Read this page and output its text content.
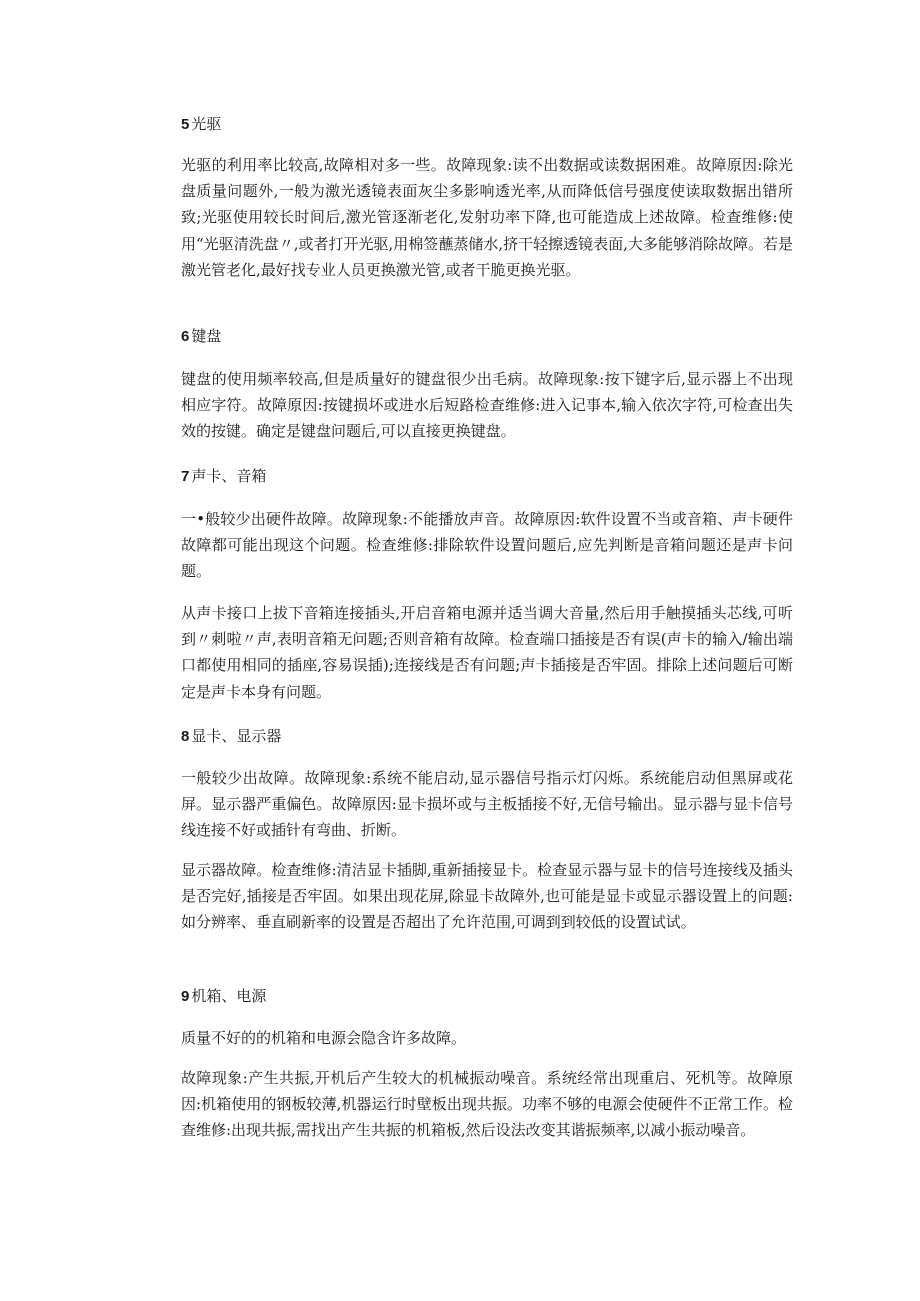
5 光驱
光驱的利用率比较高,故障相对多一些。故障现象:读不出数据或读数据困难。故障原因:除光盘质量问题外,一般为激光透镜表面灰尘多影响透光率,从而降低信号强度使读取数据出错所致;光驱使用较长时间后,激光管逐渐老化,发射功率下降,也可能造成上述故障。检查维修:使用“光驱清洗盘〃,或者打开光驱,用棉签蘸蒸储水,挤干轻擦透镜表面,大多能够消除故障。若是激光管老化,最好找专业人员更换激光管,或者干脆更换光驱。
6 键盘
键盘的使用频率较高,但是质量好的键盘很少出毛病。故障现象:按下键字后,显示器上不出现相应字符。故障原因:按键损坏或进水后短路检查维修:进入记事本,输入依次字符,可检查出失效的按键。确定是键盘问题后,可以直接更换键盘。
7 声卡、音箱
一•般较少出硬件故障。故障现象:不能播放声音。故障原因:软件设置不当或音箱、声卡硬件故障都可能出现这个问题。检查维修:排除软件设置问题后,应先判断是音箱问题还是声卡问题。
从声卡接口上拔下音箱连接插头,开启音箱电源并适当调大音量,然后用手触摸插头芯线,可听到〃刺啦〃声,表明音箱无问题;否则音箱有故障。检查端口插接是否有误(声卡的输入/输出端口都使用相同的插座,容易误插);连接线是否有问题;声卡插接是否牢固。排除上述问题后可断定是声卡本身有问题。
8 显卡、显示器
一般较少出故障。故障现象:系统不能启动,显示器信号指示灯闪烁。系统能启动但黑屏或花屏。显示器严重偏色。故障原因:显卡损坏或与主板插接不好,无信号输出。显示器与显卡信号线连接不好或插针有弯曲、折断。
显示器故障。检查维修:清洁显卡插脚,重新插接显卡。检查显示器与显卡的信号连接线及插头是否完好,插接是否牢固。如果出现花屏,除显卡故障外,也可能是显卡或显示器设置上的问题:如分辨率、垂直刷新率的设置是否超出了允许范围,可调到到较低的设置试试。
9 机箱、电源
质量不好的的机箱和电源会隐含许多故障。
故障现象:产生共振,开机后产生较大的机械振动噪音。系统经常出现重启、死机等。故障原因:机箱使用的钢板较薄,机器运行时壁板出现共振。功率不够的电源会使硬件不正常工作。检查维修:出现共振,需找出产生共振的机箱板,然后设法改变其谐振频率,以减小振动噪音。
